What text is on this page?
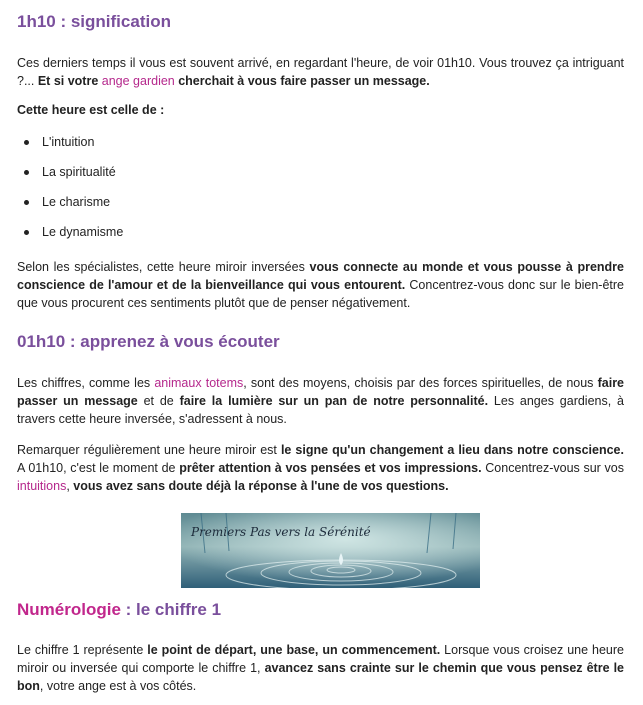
1h10 : signification

Ces derniers temps il vous est souvent arrivé, en regardant l'heure, de voir 01h10. Vous trouvez ça intriguant ?... Et si votre ange gardien cherchait à vous faire passer un message.

Cette heure est celle de :

L'intuition
La spiritualité
Le charisme
Le dynamisme

Selon les spécialistes, cette heure miroir inversées vous connecte au monde et vous pousse à prendre conscience de l'amour et de la bienveillance qui vous entourent. Concentrez-vous donc sur le bien-être que vous procurent ces sentiments plutôt que de penser négativement.

01h10 : apprenez à vous écouter

Les chiffres, comme les animaux totems, sont des moyens, choisis par des forces spirituelles, de nous faire passer un message et de faire la lumière sur un pan de notre personnalité. Les anges gardiens, à travers cette heure inversée, s'adressent à nous.

Remarquer régulièrement une heure miroir est le signe qu'un changement a lieu dans notre conscience. A 01h10, c'est le moment de prêter attention à vos pensées et vos impressions. Concentrez-vous sur vos intuitions, vous avez sans doute déjà la réponse à l'une de vos questions.

Premiers Pas vers la Sérénité
Numérologie : le chiffre 1

Le chiffre 1 représente le point de départ, une base, un commencement. Lorsque vous croisez une heure miroir ou inversée qui comporte le chiffre 1, avancez sans crainte sur le chemin que vous pensez être le bon, votre ange est à vos côtés.
